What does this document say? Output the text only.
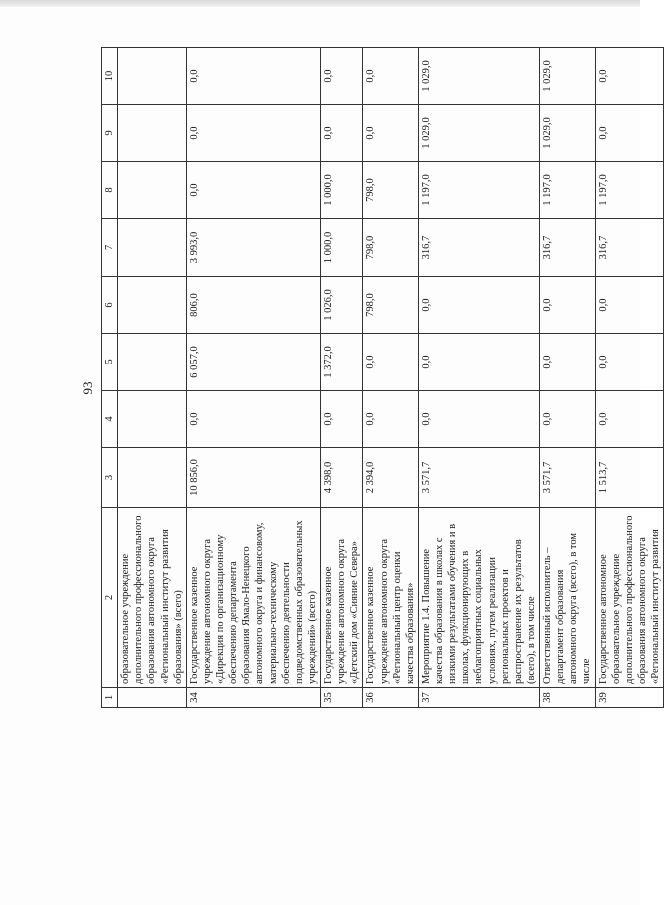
93
1	2	3	4	5	6	7	8	9	10
	образовательное учреждение дополнительного профессионального образования автономного округа «Региональный институт развития образования» (всего)								
34	Государственное казенное учреждение автономного округа «Дирекция по организационному обеспечению департамента образования Ямало-Ненецкого автономного округа и финансовому, материально-техническому обеспечению деятельности подведомственных образовательных учреждений» (всего)	10 856,0	0,0	6 057,0	806,0	3 993,0	0,0	0,0	0,0
35	Государственное казенное учреждение автономного округа «Детский дом «Сияние Севера»	4 398,0	0,0	1 372,0	1 026,0	1 000,0	1 000,0	0,0	0,0
36	Государственное казенное учреждение автономного округа «Региональный центр оценки качества образования»	2 394,0	0,0	0,0	798,0	798,0	798,0	0,0	0,0
37	Мероприятие 1.4. Повышение качества образования в школах с низкими результатами обучения и в школах, функционирующих в неблагоприятных социальных условиях, путем реализации региональных проектов и распространение их результатов (всего), в том числе	3 571,7	0,0	0,0	0,0	316,7	1 197,0	1 029,0	1 029,0
38	Ответственный исполнитель – департамент образования автономного округа (всего), в том числе	3 571,7	0,0	0,0	0,0	316,7	1 197,0	1 029,0	1 029,0
39	Государственное автономное образовательное учреждение дополнительного профессионального образования автономного округа «Региональный институт развития	1 513,7	0,0	0,0	0,0	316,7	1 197,0	0,0	0,0
